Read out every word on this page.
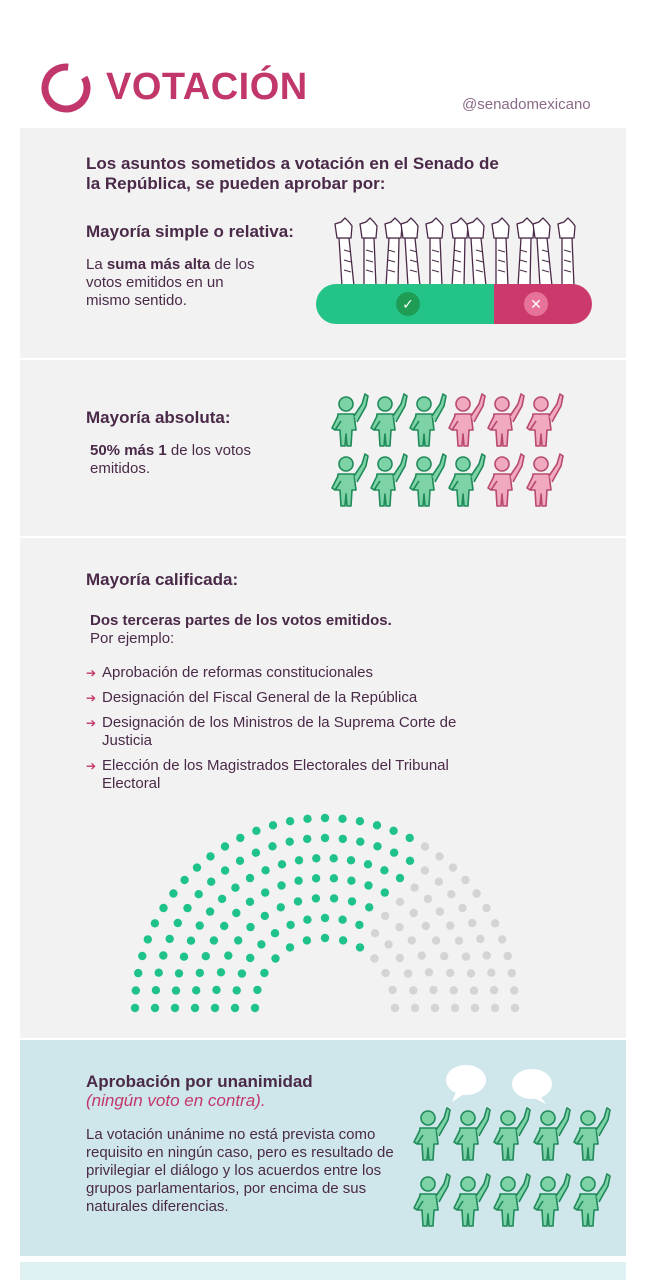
VOTACIÓN	@senadomexicano
Los asuntos sometidos a votación en el Senado de la República, se pueden aprobar por:
Mayoría simple o relativa:
La suma más alta de los votos emitidos en un mismo sentido.	✓	✕
Mayoría absoluta:
50% más 1 de los votos emitidos.
Mayoría calificada:
Dos terceras partes de los votos emitidos.
Por ejemplo:
➔ Aprobación de reformas constitucionales
➔ Designación del Fiscal General de la República
➔ Designación de los Ministros de la Suprema Corte de Justicia
➔ Elección de los Magistrados Electorales del Tribunal Electoral
Aprobación por unanimidad
(ningún voto en contra).
La votación unánime no está prevista como requisito en ningún caso, pero es resultado de privilegiar el diálogo y los acuerdos entre los grupos parlamentarios, por encima de sus naturales diferencias.
